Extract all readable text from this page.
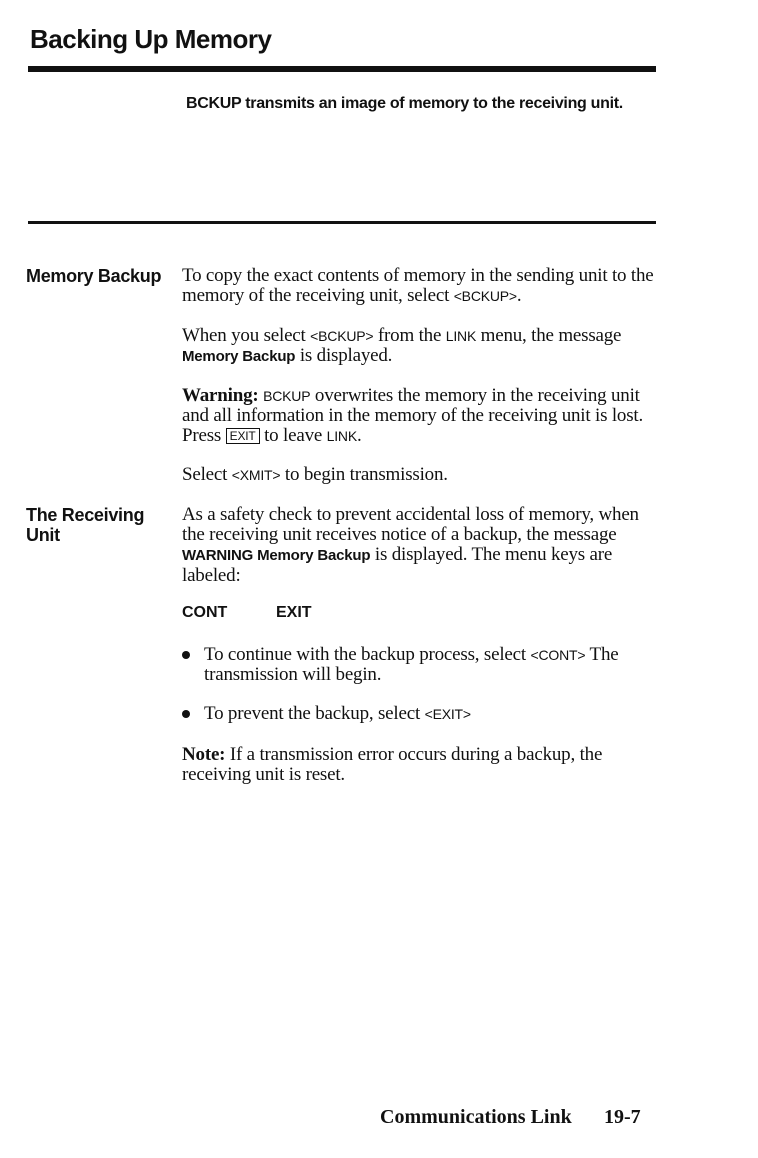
Backing Up Memory
BCKUP transmits an image of memory to the receiving unit.
Memory Backup To copy the exact contents of memory in the sending unit to the memory of the receiving unit, select <BCKUP>.
When you select <BCKUP> from the LINK menu, the message Memory Backup is displayed.
Warning: BCKUP overwrites the memory in the receiving unit and all information in the memory of the receiving unit is lost. Press EXIT to leave LINK.
Select <XMIT> to begin transmission.
The Receiving
Unit
As a safety check to prevent accidental loss of memory, when the receiving unit receives notice of a backup, the message WARNING Memory Backup is displayed. The menu keys are labeled:
CONT	EXIT
To continue with the backup process, select <CONT> The transmission will begin.
To prevent the backup, select <EXIT>
Note: If a transmission error occurs during a backup, the receiving unit is reset.
Communications Link 19-7
